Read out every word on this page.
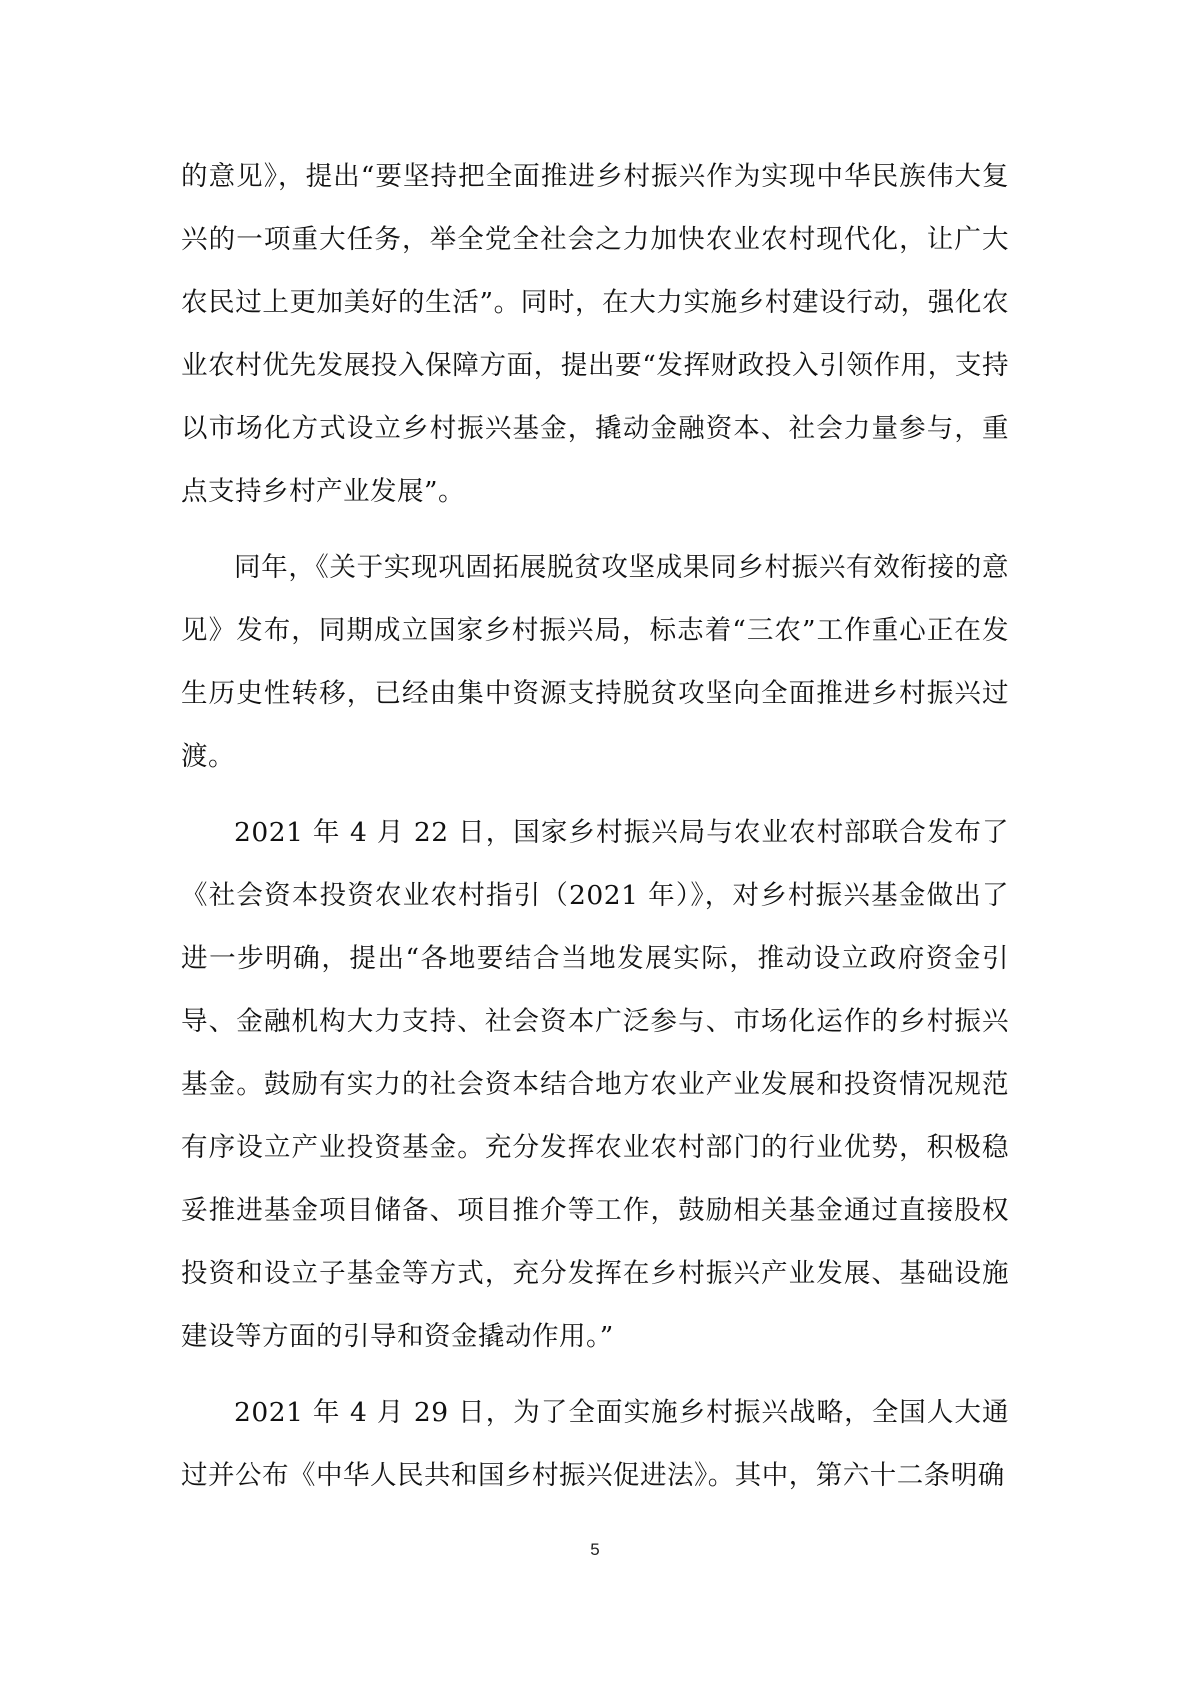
的意见》，提出“要坚持把全面推进乡村振兴作为实现中华民族伟大复兴的一项重大任务，举全党全社会之力加快农业农村现代化，让广大农民过上更加美好的生活”。同时，在大力实施乡村建设行动，强化农业农村优先发展投入保障方面，提出要“发挥财政投入引领作用，支持以市场化方式设立乡村振兴基金，撬动金融资本、社会力量参与，重点支持乡村产业发展”。

同年，《关于实现巩固拓展脱贫攻坚成果同乡村振兴有效衔接的意见》发布，同期成立国家乡村振兴局，标志着“三农”工作重心正在发生历史性转移，已经由集中资源支持脱贫攻坚向全面推进乡村振兴过渡。

2021 年 4 月 22 日，国家乡村振兴局与农业农村部联合发布了《社会资本投资农业农村指引（2021 年）》，对乡村振兴基金做出了进一步明确，提出“各地要结合当地发展实际，推动设立政府资金引导、金融机构大力支持、社会资本广泛参与、市场化运作的乡村振兴基金。鼓励有实力的社会资本结合地方农业产业发展和投资情况规范有序设立产业投资基金。充分发挥农业农村部门的行业优势，积极稳妥推进基金项目储备、项目推介等工作，鼓励相关基金通过直接股权投资和设立子基金等方式，充分发挥在乡村振兴产业发展、基础设施建设等方面的引导和资金撬动作用。”

2021 年 4 月 29 日，为了全面实施乡村振兴战略，全国人大通过并公布《中华人民共和国乡村振兴促进法》。其中，第六十二条明确

5
